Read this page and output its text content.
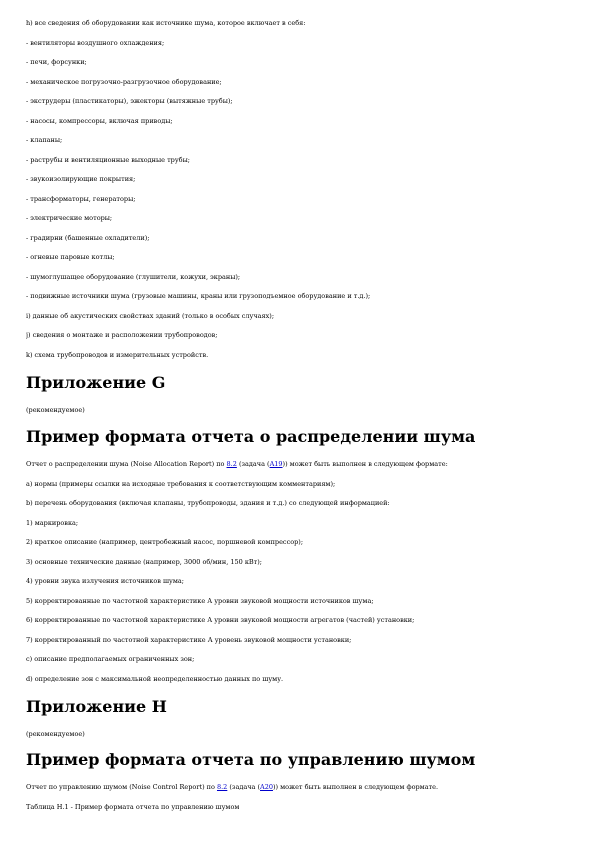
h) все сведения об оборудовании как источнике шума, которое включает в себя:

- вентиляторы воздушного охлаждения;

- печи, форсунки;

- механическое погрузочно-разгрузочное оборудование;

- экструдеры (пластикаторы), эжекторы (вытяжные трубы);

- насосы, компрессоры, включая приводы;

- клапаны;

- раструбы и вентиляционные выходные трубы;

- звукоизолирующие покрытия;

- трансформаторы, генераторы;

- электрические моторы;

- градирни (башенные охладители);

- огневые паровые котлы;

- шумоглушащее оборудование (глушители, кожухи, экраны);

- подвижные источники шума (грузовые машины, краны или грузоподъемное оборудование и т.д.);

i) данные об акустических свойствах зданий (только в особых случаях);

j) сведения о монтаже и расположении трубопроводов;

k) схема трубопроводов и измерительных устройств.

Приложение G

(рекомендуемое)

Пример формата отчета о распределении шума

Отчет о распределении шума (Noise Allocation Report) по 8.2 (задача (A19)) может быть выполнен в следующем формате:

a) нормы (примеры ссылки на исходные требования к соответствующим комментариям);

b) перечень оборудования (включая клапаны, трубопроводы, здания и т.д.) со следующей информацией:

1) маркировка;

2) краткое описание (например, центробежный насос, поршневой компрессор);

3) основные технические данные (например, 3000 об/мин, 150 кВт);

4) уровни звука излучения источников шума;

5) корректированные по частотной характеристике А уровни звуковой мощности источников шума;

6) корректированные по частотной характеристике А уровни звуковой мощности агрегатов (частей) установки;

7) корректированный по частотной характеристике А уровень звуковой мощности установки;

c) описание предполагаемых ограниченных зон;

d) определение зон с максимальной неопределенностью данных по шуму.

Приложение Н

(рекомендуемое)

Пример формата отчета по управлению шумом

Отчет по управлению шумом (Noise Control Report) по 8.2 (задача (A20)) может быть выполнен в следующем формате.

Таблица Н.1 - Пример формата отчета по управлению шумом
